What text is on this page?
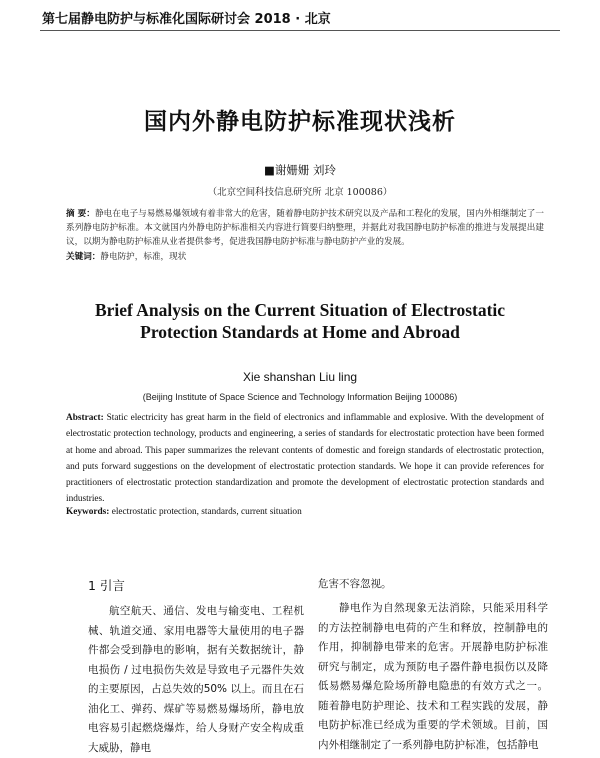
第七届静电防护与标准化国际研讨会 2018 · 北京
国内外静电防护标准现状浅析
■谢姗姗 刘玲
（北京空间科技信息研究所 北京 100086）
摘 要：静电在电子与易燃易爆领域有着非常大的危害，随着静电防护技术研究以及产品和工程化的发展，国内外相继制定了一系列静电防护标准。本文就国内外静电防护标准相关内容进行简要归纳整理，并据此对我国静电防护标准的推进与发展提出建议，以期为静电防护标准从业者提供参考，促进我国静电防护标准与静电防护产业的发展。
关键词：静电防护，标准，现状
Brief Analysis on the Current Situation of Electrostatic Protection Standards at Home and Abroad
Xie shanshan Liu ling
(Beijing Institute of Space Science and Technology Information Beijing 100086)
Abstract: Static electricity has great harm in the field of electronics and inflammable and explosive. With the development of electrostatic protection technology, products and engineering, a series of standards for electrostatic protection have been formed at home and abroad. This paper summarizes the relevant contents of domestic and foreign standards of electrostatic protection, and puts forward suggestions on the development of electrostatic protection standards. We hope it can provide references for practitioners of electrostatic protection standardization and promote the development of electrostatic protection standards and industries.
Keywords: electrostatic protection, standards, current situation
1 引言
航空航天、通信、发电与输变电、工程机械、轨道交通、家用电器等大量使用的电子器件都会受到静电的影响，据有关数据统计，静电损伤 / 过电损伤失效是导致电子元器件失效的主要原因，占总失效的50% 以上。而且在石油化工、弹药、煤矿等易燃易爆场所，静电放电容易引起燃烧爆炸，给人身财产安全构成重大威胁，静电
危害不容忽视。
静电作为自然现象无法消除，只能采用科学的方法控制静电电荷的产生和释放，控制静电的作用，抑制静电带来的危害。开展静电防护标准研究与制定，成为预防电子器件静电损伤以及降低易燃易爆危险场所静电隐患的有效方式之一。随着静电防护理论、技术和工程实践的发展，静电防护标准已经成为重要的学术领域。目前，国内外相继制定了一系列静电防护标准，包括静电
